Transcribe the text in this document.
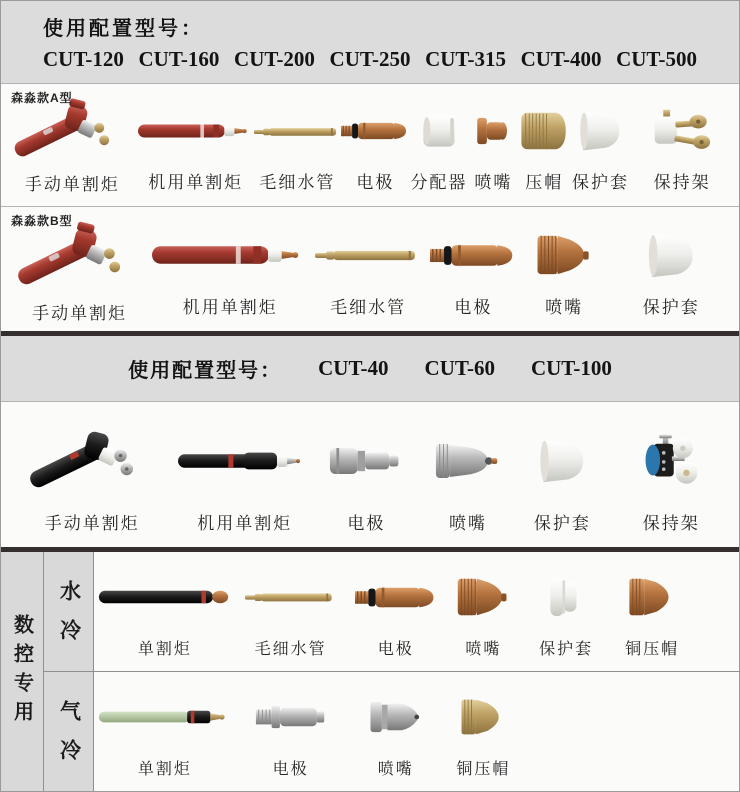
使用配置型号：
CUT-120 CUT-160 CUT-200 CUT-250 CUT-315 CUT-400 CUT-500
森淼款A型
手动单割炬 机用单割炬 毛细水管 电极 分配器 喷嘴 压帽 保护套 保持架
森淼款B型
手动单割炬	机用单割炬	毛细水管	电极	喷嘴	保护套
使用配置型号： CUT-40 CUT-60 CUT-100
手动单割炬	机用单割炬	电极	喷嘴	保护套	保持架
数控专用 水冷	单割炬	毛细水管	电极	喷嘴 保护套 铜压帽
气冷	单割炬	电极	喷嘴	铜压帽
